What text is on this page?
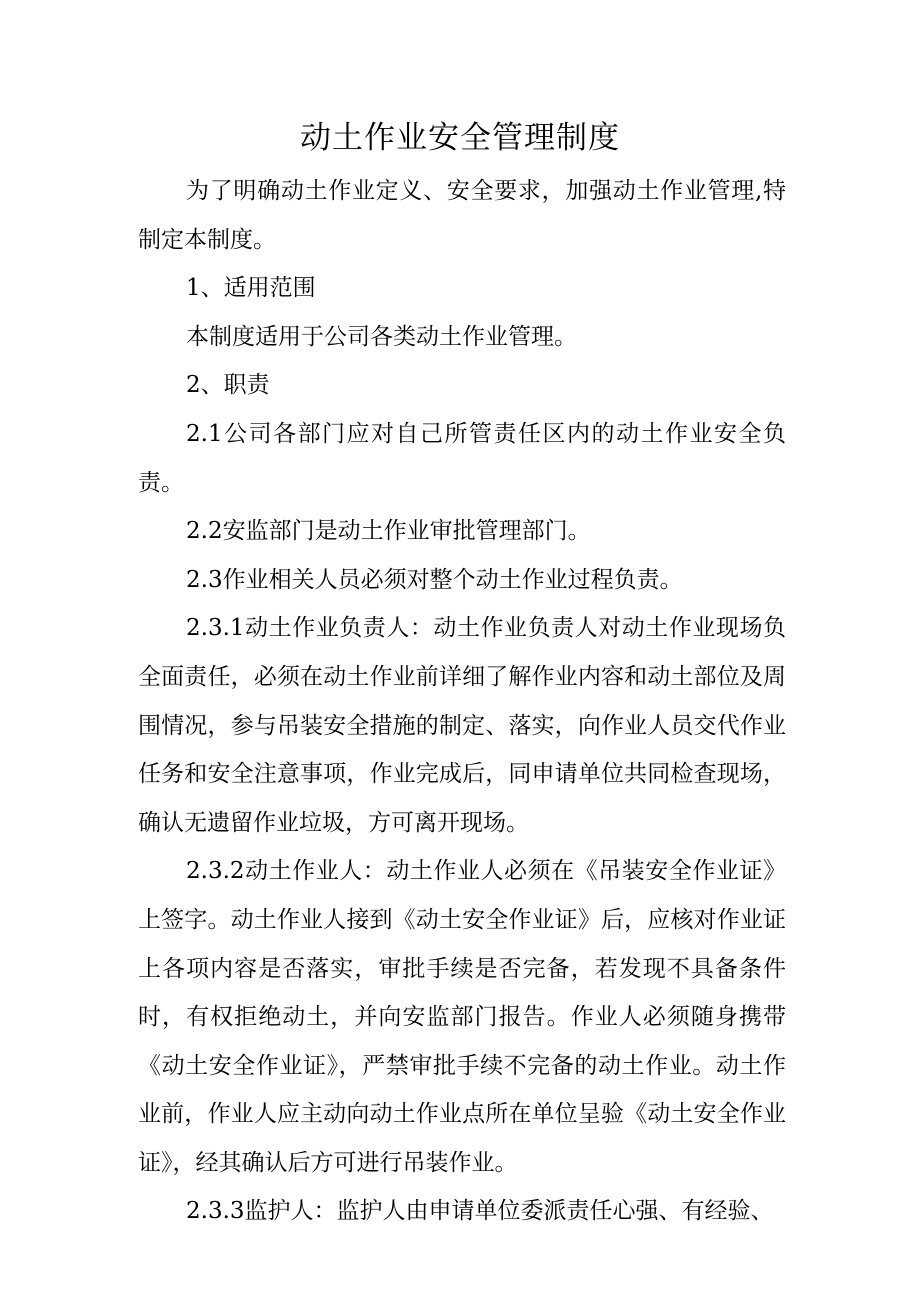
动土作业安全管理制度

为了明确动土作业定义、安全要求，加强动土作业管理,特制定本制度。

1、适用范围

本制度适用于公司各类动土作业管理。

2、职责

2.1公司各部门应对自己所管责任区内的动土作业安全负责。

2.2安监部门是动土作业审批管理部门。

2.3作业相关人员必须对整个动土作业过程负责。

2.3.1动土作业负责人：动土作业负责人对动土作业现场负全面责任，必须在动土作业前详细了解作业内容和动土部位及周围情况，参与吊装安全措施的制定、落实，向作业人员交代作业任务和安全注意事项，作业完成后，同申请单位共同检查现场，确认无遗留作业垃圾，方可离开现场。

2.3.2动土作业人：动土作业人必须在《吊装安全作业证》上签字。动土作业人接到《动土安全作业证》后，应核对作业证上各项内容是否落实，审批手续是否完备，若发现不具备条件时，有权拒绝动土，并向安监部门报告。作业人必须随身携带《动土安全作业证》，严禁审批手续不完备的动土作业。动土作业前，作业人应主动向动土作业点所在单位呈验《动土安全作业证》，经其确认后方可进行吊装作业。

2.3.3监护人：监护人由申请单位委派责任心强、有经验、
